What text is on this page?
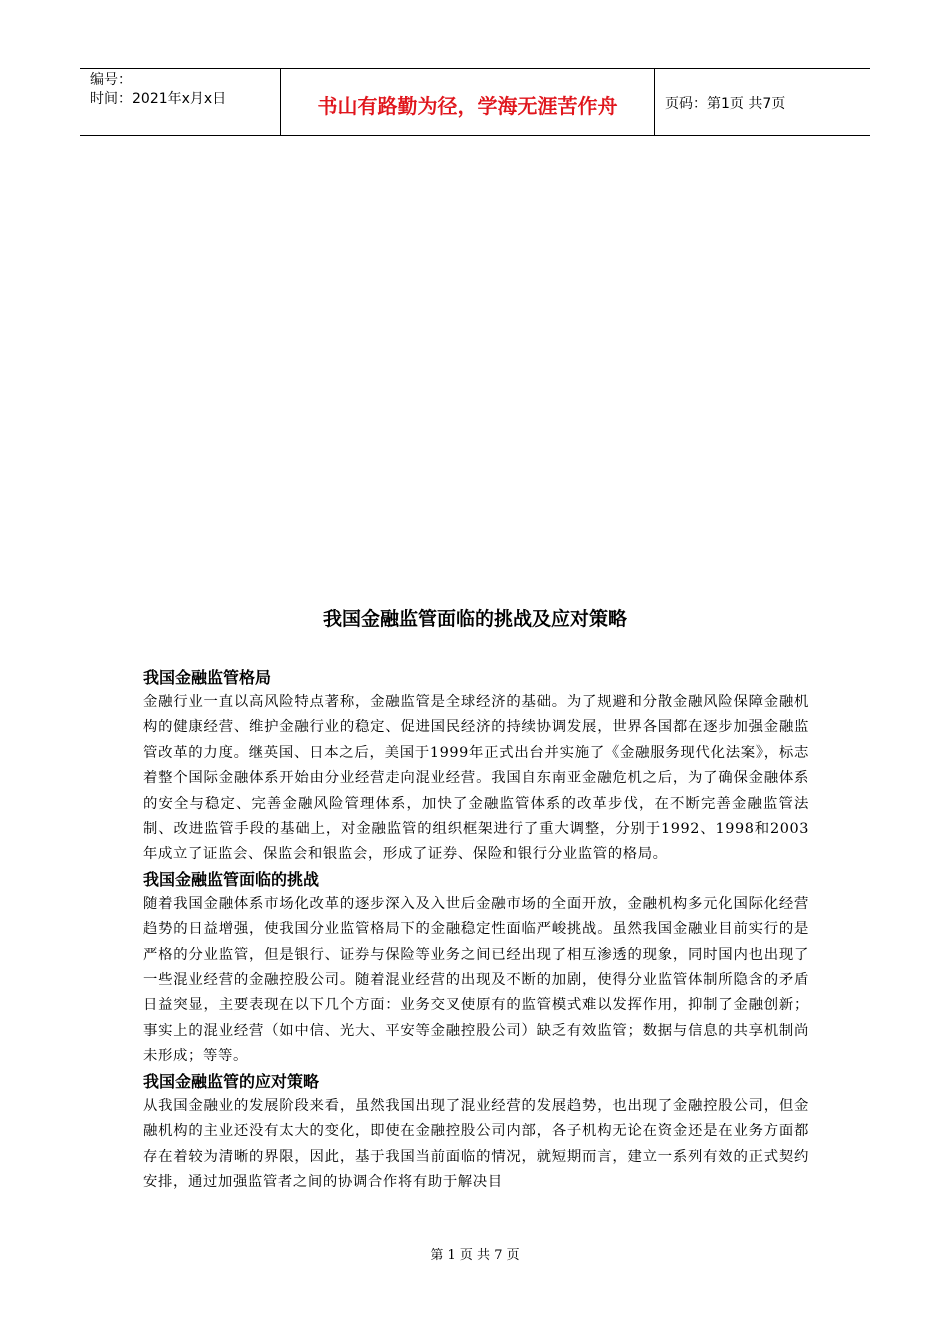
编号：
时间：2021年x月x日	书山有路勤为径，学海无涯苦作舟	页码：第1页 共7页
我国金融监管面临的挑战及应对策略
我国金融监管格局

金融行业一直以高风险特点著称，金融监管是全球经济的基础。为了规避和分散金融风险保障金融机构的健康经营、维护金融行业的稳定、促进国民经济的持续协调发展，世界各国都在逐步加强金融监管改革的力度。继英国、日本之后，美国于1999年正式出台并实施了《金融服务现代化法案》，标志着整个国际金融体系开始由分业经营走向混业经营。我国自东南亚金融危机之后，为了确保金融体系的安全与稳定、完善金融风险管理体系，加快了金融监管体系的改革步伐，在不断完善金融监管法制、改进监管手段的基础上，对金融监管的组织框架进行了重大调整，分别于1992、1998和2003年成立了证监会、保监会和银监会，形成了证券、保险和银行分业监管的格局。

我国金融监管面临的挑战

随着我国金融体系市场化改革的逐步深入及入世后金融市场的全面开放，金融机构多元化国际化经营趋势的日益增强，使我国分业监管格局下的金融稳定性面临严峻挑战。虽然我国金融业目前实行的是严格的分业监管，但是银行、证券与保险等业务之间已经出现了相互渗透的现象，同时国内也出现了一些混业经营的金融控股公司。随着混业经营的出现及不断的加剧，使得分业监管体制所隐含的矛盾日益突显，主要表现在以下几个方面：业务交叉使原有的监管模式难以发挥作用，抑制了金融创新；事实上的混业经营（如中信、光大、平安等金融控股公司）缺乏有效监管；数据与信息的共享机制尚未形成；等等。

我国金融监管的应对策略

从我国金融业的发展阶段来看，虽然我国出现了混业经营的发展趋势，也出现了金融控股公司，但金融机构的主业还没有太大的变化，即使在金融控股公司内部，各子机构无论在资金还是在业务方面都存在着较为清晰的界限，因此，基于我国当前面临的情况，就短期而言，建立一系列有效的正式契约安排，通过加强监管者之间的协调合作将有助于解决目

第 1 页 共 7 页
